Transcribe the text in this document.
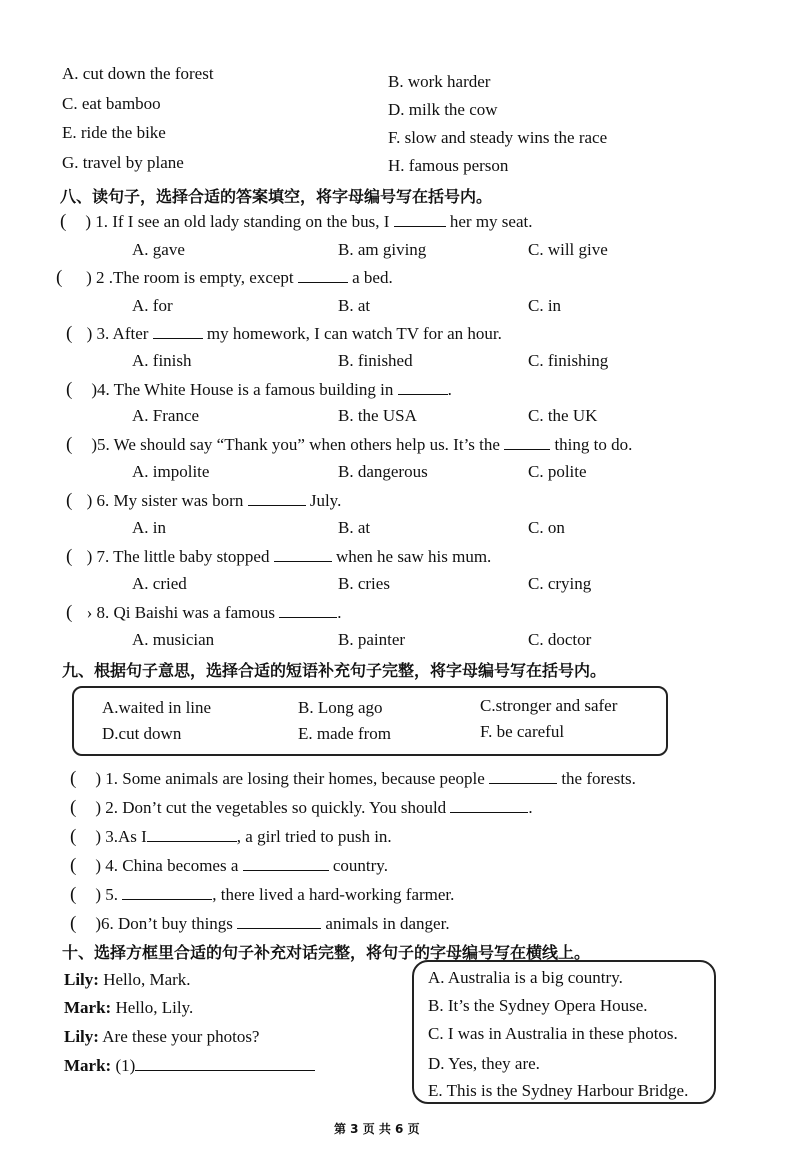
A. cut down the forest	B. work harder
C. eat bamboo	D. milk the cow
E. ride the bike	F. slow and steady wins the race
G. travel by plane	H. famous person
八、读句子，选择合适的答案填空，将字母编号写在括号内。
(    ) 1. If I see an old lady standing on the bus, I	her my seat.
A. gave	B. am giving	C. will give
(     ) 2 .The room is empty, except	a bed.
A. for	B. at	C. in
(   ) 3. After	my homework, I can watch TV for an hour.
A. finish	B. finished	C. finishing
(    )4. The White House is a famous building in	.
A. France	B. the USA	C. the UK
(    )5. We should say “Thank you” when others help us. It’s the	thing to do.
A. impolite	B. dangerous	C. polite
(   ) 6. My sister was born	July.
A. in	B. at	C. on
(   ) 7. The little baby stopped	when he saw his mum.
A. cried	B. cries	C. crying
(   › 8. Qi Baishi was a famous	.
A. musician	B. painter	C. doctor
九、根据句子意思，选择合适的短语补充句子完整，将字母编号写在括号内。
A.waited in line	B. Long ago	C.stronger and safer
D.cut down	E. made from	F. be careful
(    ) 1. Some animals are losing their homes, because people	the forests.
(    ) 2. Don’t cut the vegetables so quickly. You should	.
(    ) 3.As I	, a girl tried to push in.
(    ) 4. China becomes a	country.
(    ) 5.	, there lived a hard-working farmer.
(    )6. Don’t buy things	animals in danger.
十、选择方框里合适的句子补充对话完整，将句子的字母编号写在横线上。
Lily: Hello, Mark.
Mark: Hello, Lily.
Lily: Are these your photos?
Mark: (1)
A. Australia is a big country.
B. It’s the Sydney Opera House.
C. I was in Australia in these photos.
D. Yes, they are.
E. This is the Sydney Harbour Bridge.
第 3 页 共 6 页
